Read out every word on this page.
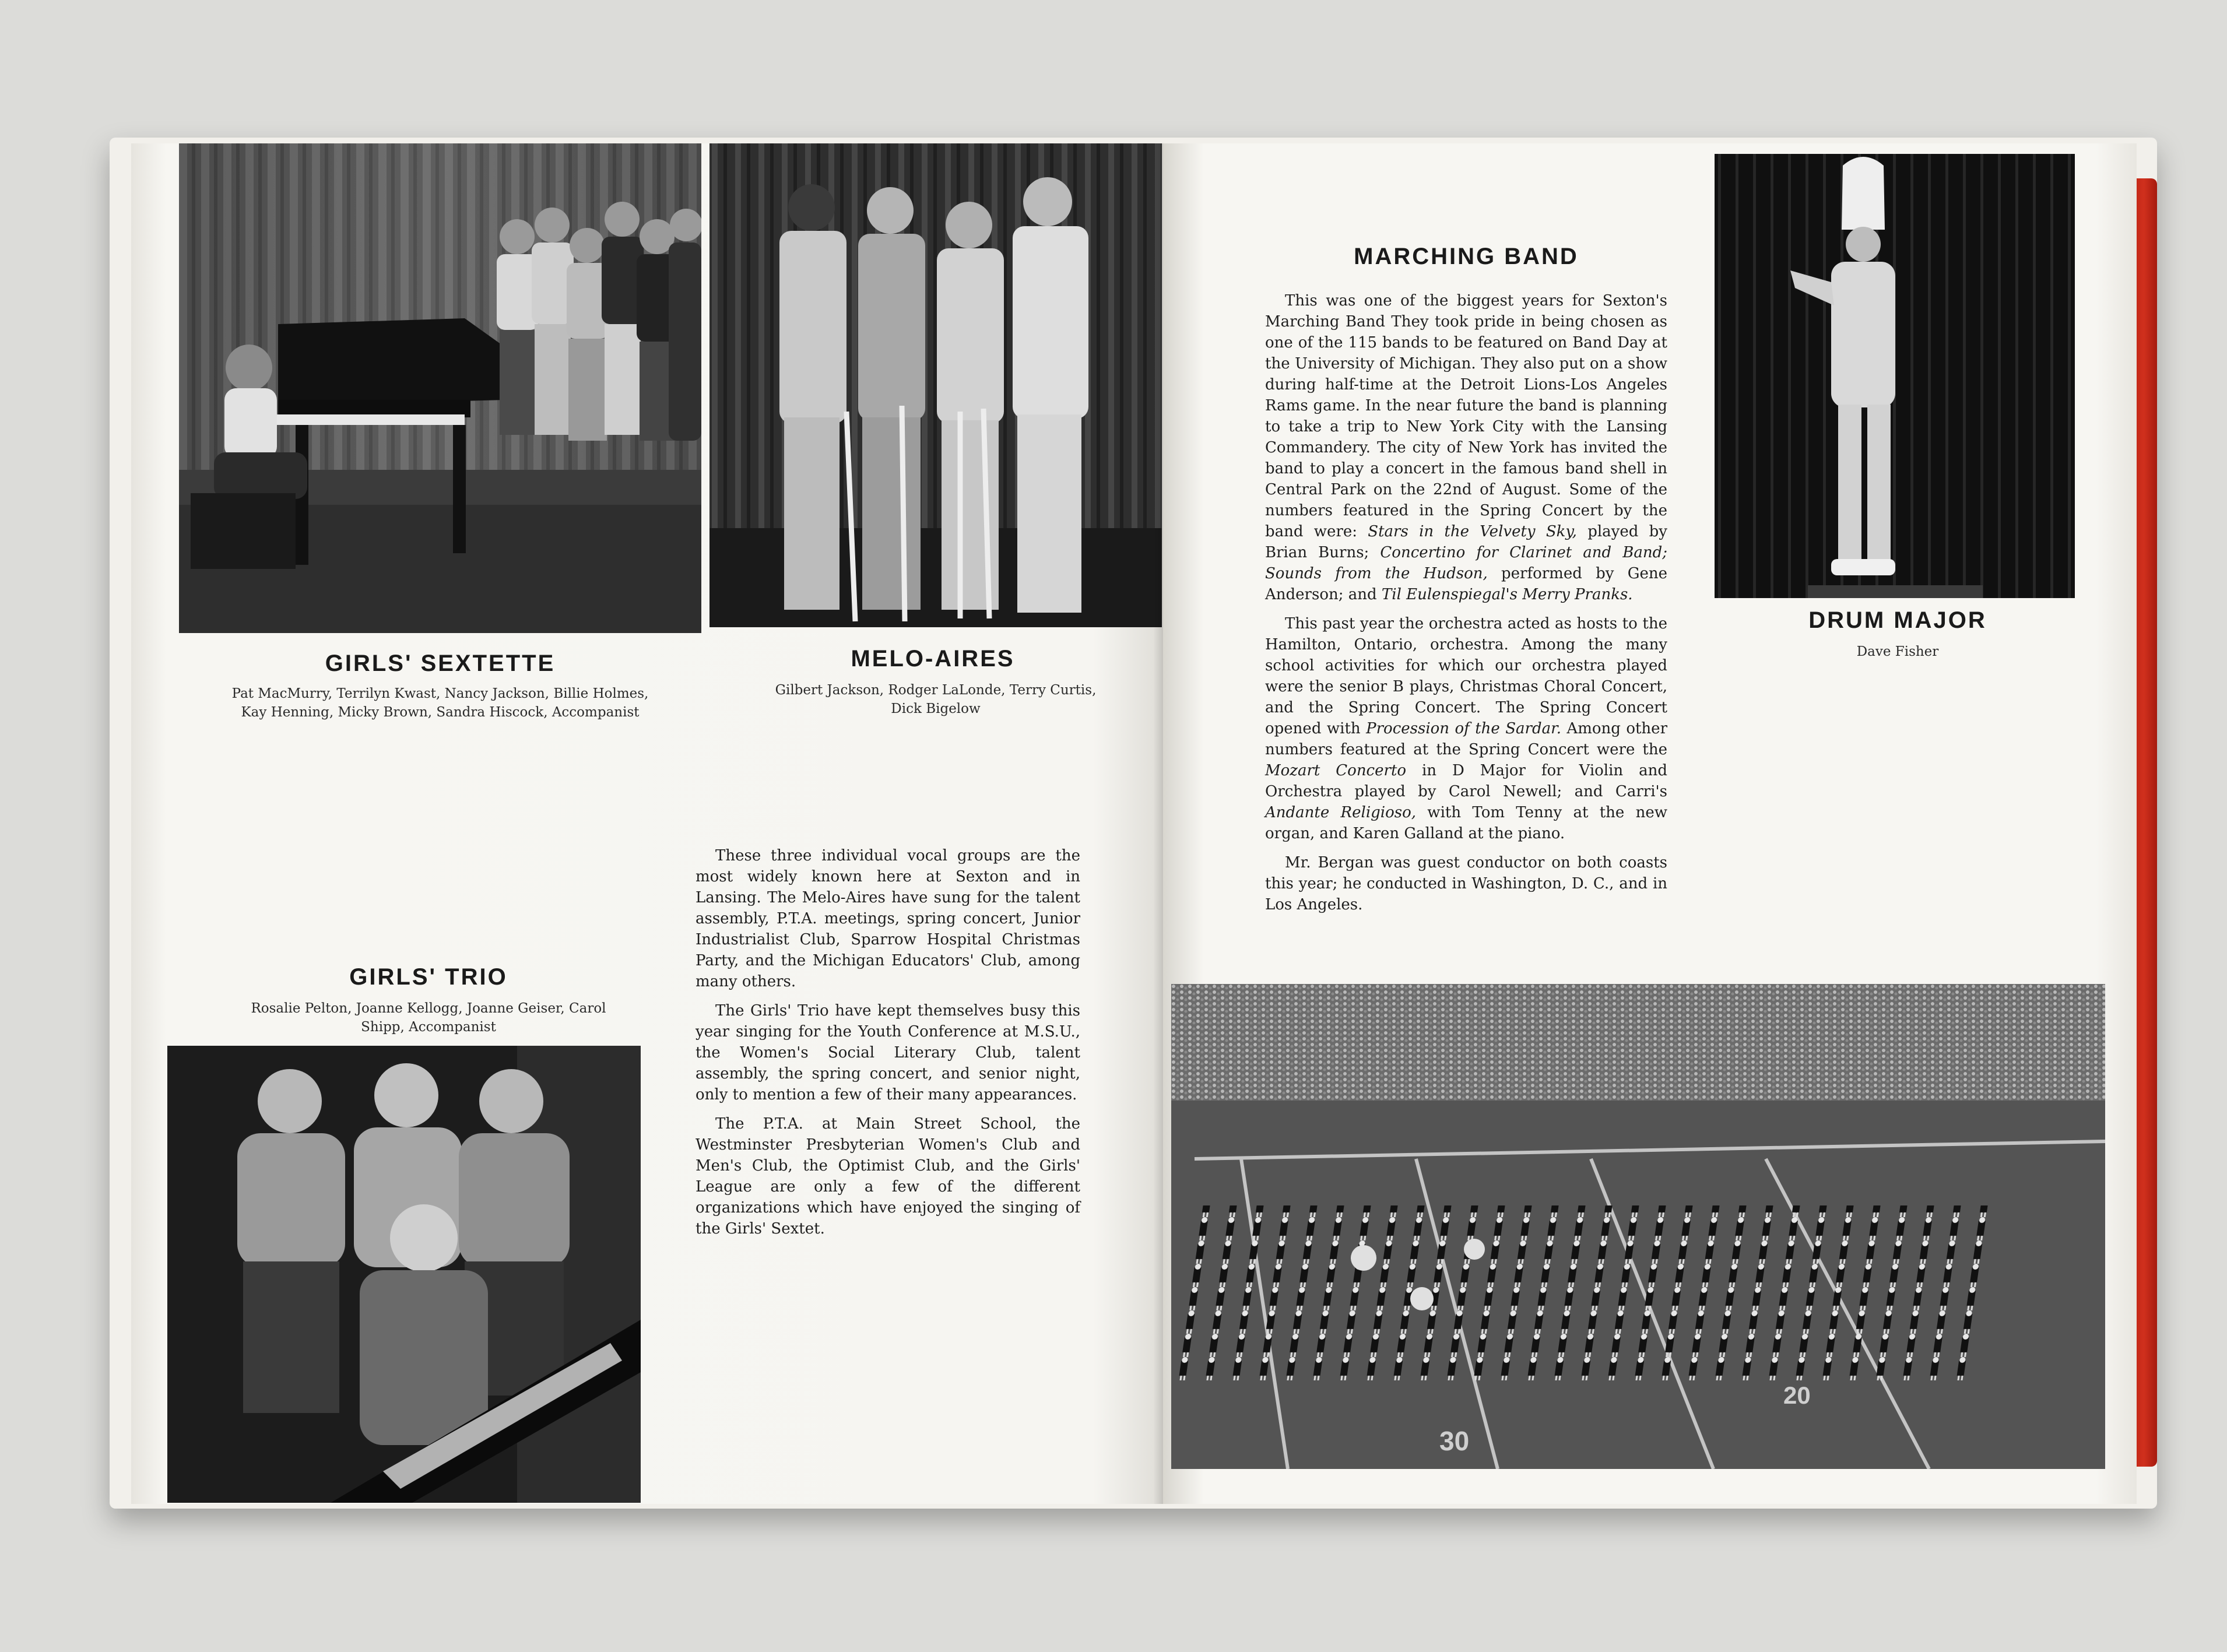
GIRLS' SEXTETTE

Pat MacMurry, Terrilyn Kwast, Nancy Jackson, Billie Holmes, Kay Henning, Micky Brown, Sandra Hiscock, Accompanist

MELO-AIRES

Gilbert Jackson, Rodger LaLonde, Terry Curtis, Dick Bigelow

GIRLS' TRIO

Rosalie Pelton, Joanne Kellogg, Joanne Geiser, Carol Shipp, Accompanist

These three individual vocal groups are the most widely known here at Sexton and in Lansing. The Melo-Aires have sung for the talent assembly, P.T.A. meetings, spring concert, Junior Industrialist Club, Sparrow Hospital Christmas Party, and the Michigan Educators' Club, among many others.

The Girls' Trio have kept themselves busy this year singing for the Youth Conference at M.S.U., the Women's Social Literary Club, talent assembly, the spring concert, and senior night, only to mention a few of their many appearances.

The P.T.A. at Main Street School, the Westminster Presbyterian Women's Club and Men's Club, the Optimist Club, and the Girls' League are only a few of the different organizations which have enjoyed the singing of the Girls' Sextet.

MARCHING BAND

This was one of the biggest years for Sexton's Marching Band They took pride in being chosen as one of the 115 bands to be featured on Band Day at the University of Michigan. They also put on a show during half-time at the Detroit Lions-Los Angeles Rams game. In the near future the band is planning to take a trip to New York City with the Lansing Commandery. The city of New York has invited the band to play a concert in the famous band shell in Central Park on the 22nd of August. Some of the numbers featured in the Spring Concert by the band were: Stars in the Velvety Sky, played by Brian Burns; Concertino for Clarinet and Band; Sounds from the Hudson, performed by Gene Anderson; and Til Eulenspiegal's Merry Pranks.

This past year the orchestra acted as hosts to the Hamilton, Ontario, orchestra. Among the many school activities for which our orchestra played were the senior B plays, Christmas Choral Concert, and the Spring Concert. The Spring Concert opened with Procession of the Sardar. Among other numbers featured at the Spring Concert were the Mozart Concerto in D Major for Violin and Orchestra played by Carol Newell; and Carri's Andante Religioso, with Tom Tenny at the new organ, and Karen Galland at the piano.

Mr. Bergan was guest conductor on both coasts this year; he conducted in Washington, D. C., and in Los Angeles.

DRUM MAJOR

Dave Fisher

30
20
